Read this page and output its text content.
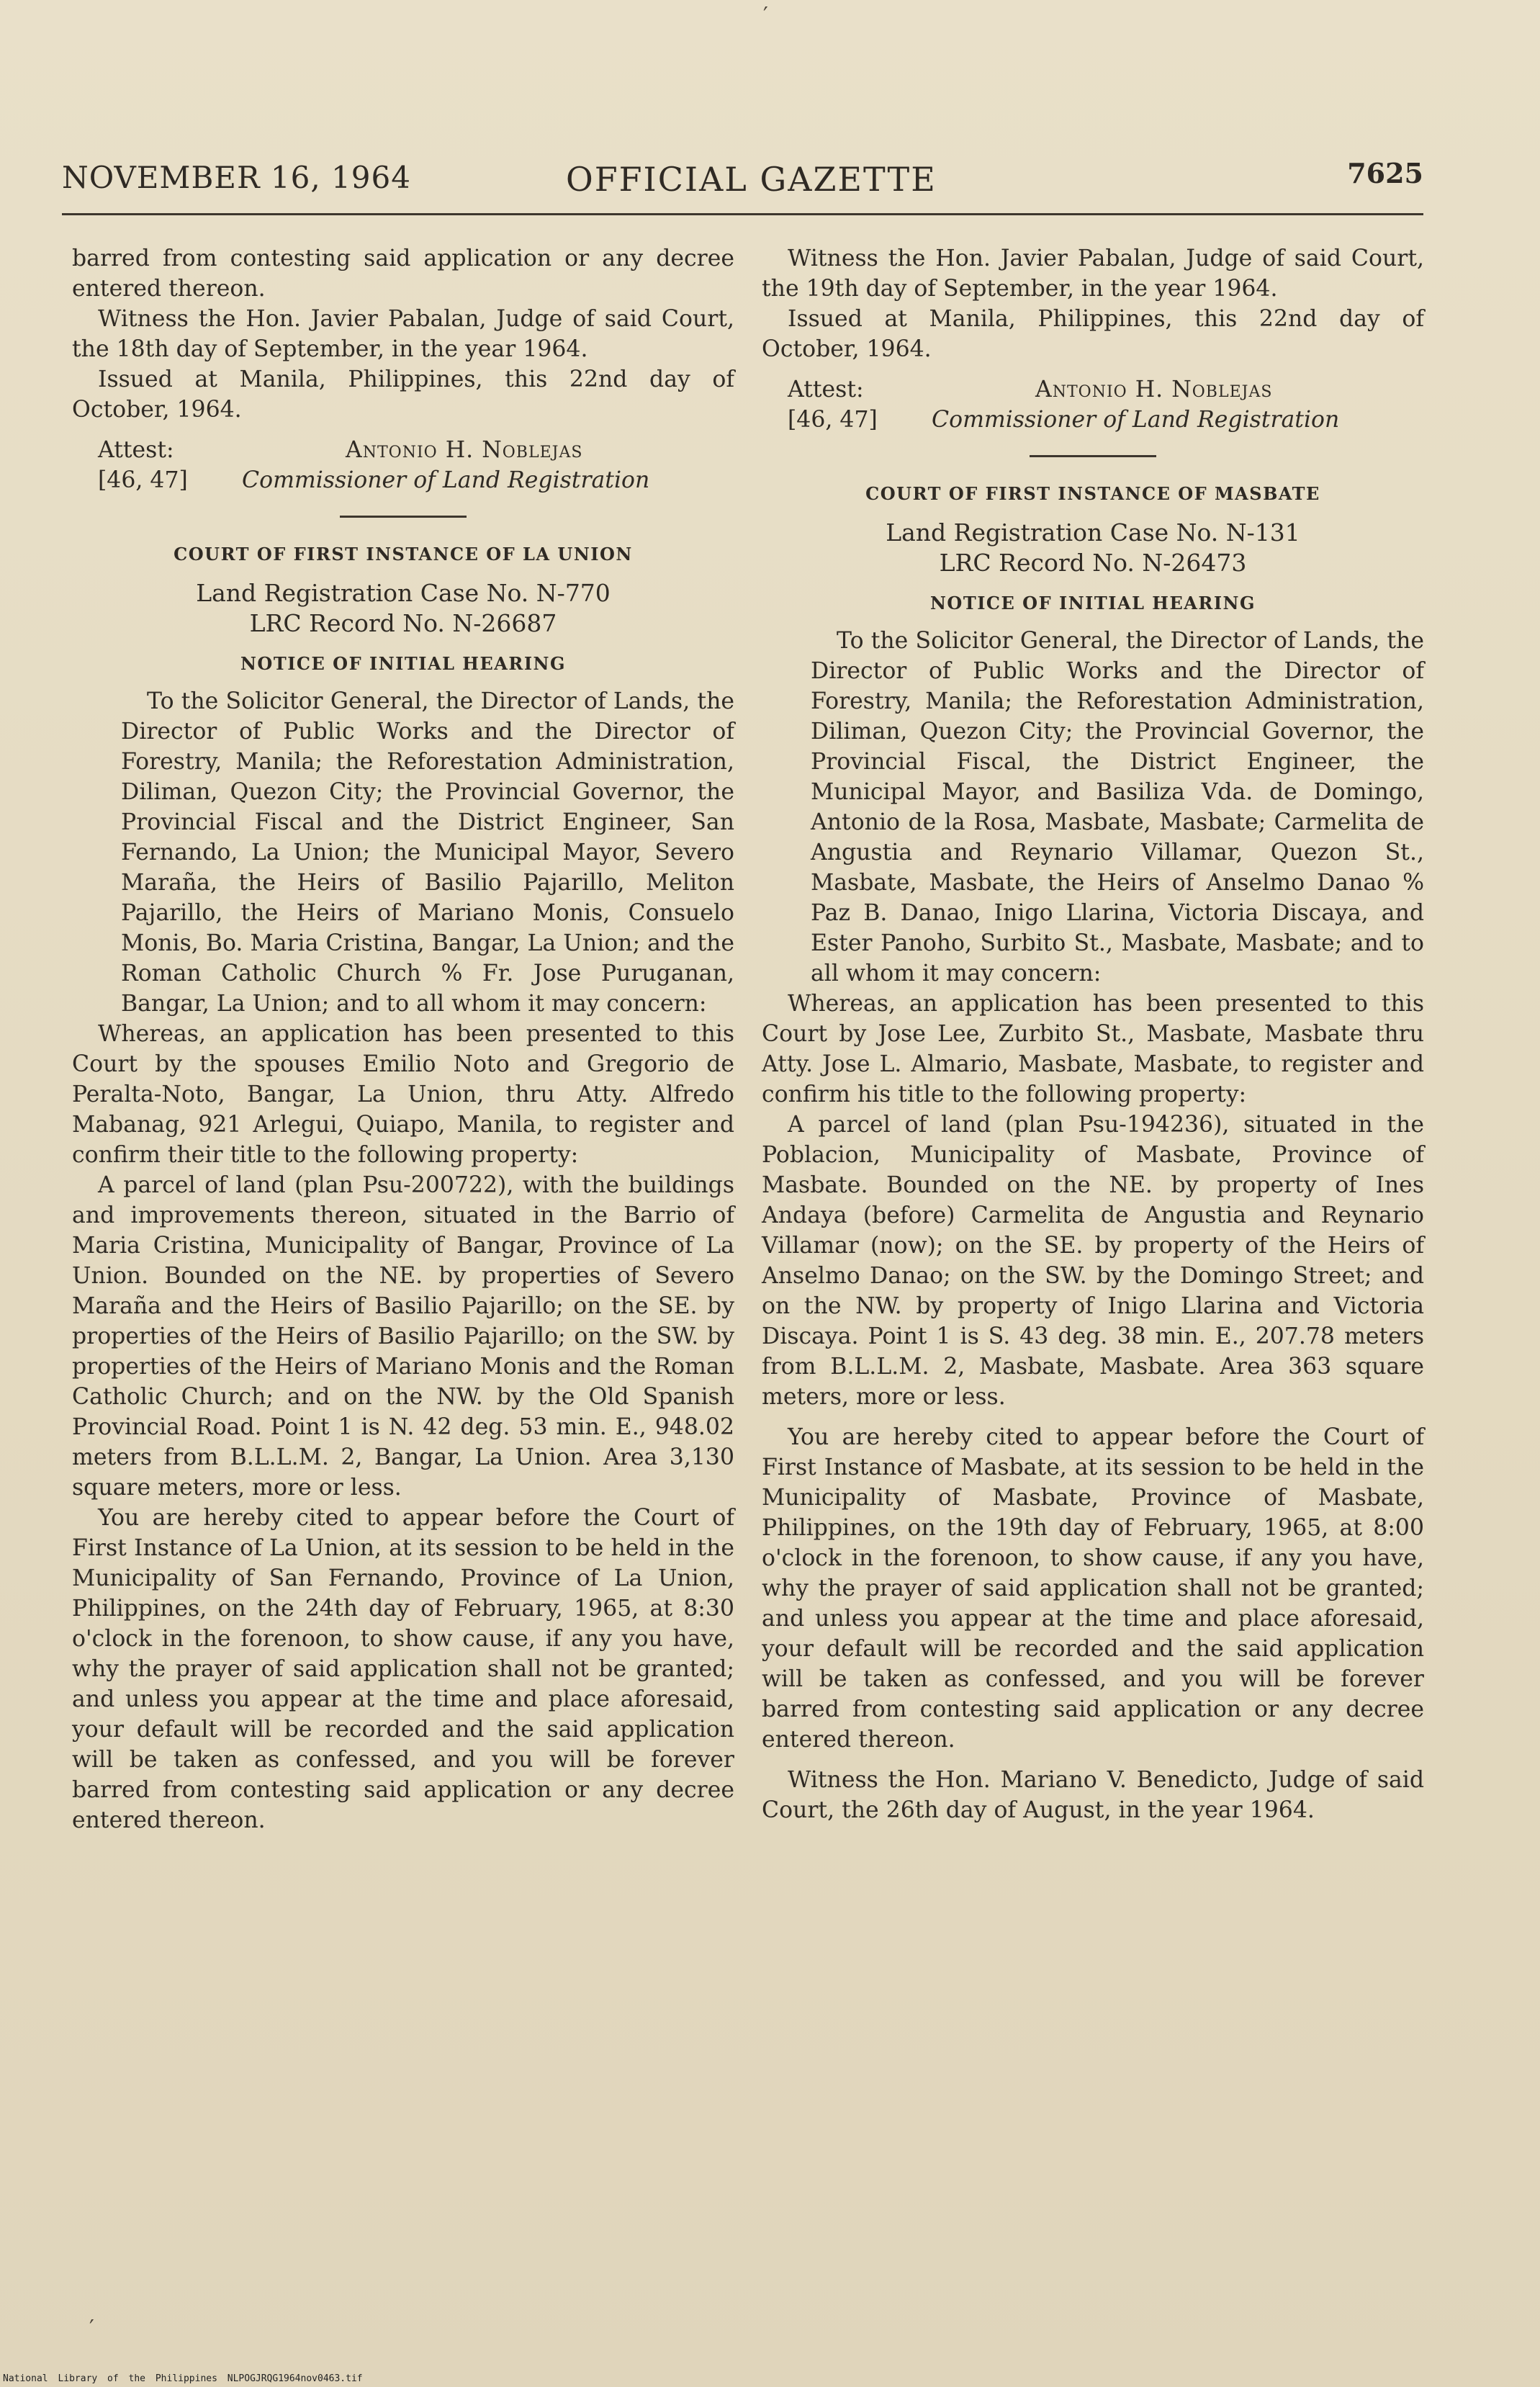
′
′
NOVEMBER 16, 1964	OFFICIAL GAZETTE	7625

barred from contesting said application or any decree entered thereon.

Witness the Hon. Javier Pabalan, Judge of said Court, the 18th day of September, in the year 1964.

Issued at Manila, Philippines, this 22nd day of October, 1964.

Attest:	Antonio H. Noblejas
[46, 47] Commissioner of Land Registration
COURT OF FIRST INSTANCE OF LA UNION
Land Registration Case No. N-770
LRC Record No. N-26687
NOTICE OF INITIAL HEARING

To the Solicitor General, the Director of Lands, the Director of Public Works and the Director of Forestry, Manila; the Reforestation Administration, Diliman, Quezon City; the Provincial Governor, the Provincial Fiscal and the District Engineer, San Fernando, La Union; the Municipal Mayor, Severo Maraña, the Heirs of Basilio Pajarillo, Meliton Pajarillo, the Heirs of Mariano Monis, Consuelo Monis, Bo. Maria Cristina, Bangar, La Union; and the Roman Catholic Church % Fr. Jose Puruganan, Bangar, La Union; and to all whom it may concern:

Whereas, an application has been presented to this Court by the spouses Emilio Noto and Gregorio de Peralta-Noto, Bangar, La Union, thru Atty. Alfredo Mabanag, 921 Arlegui, Quiapo, Manila, to register and confirm their title to the following property:

A parcel of land (plan Psu-200722), with the buildings and improvements thereon, situated in the Barrio of Maria Cristina, Municipality of Bangar, Province of La Union. Bounded on the NE. by properties of Severo Maraña and the Heirs of Basilio Pajarillo; on the SE. by properties of the Heirs of Basilio Pajarillo; on the SW. by properties of the Heirs of Mariano Monis and the Roman Catholic Church; and on the NW. by the Old Spanish Provincial Road. Point 1 is N. 42 deg. 53 min. E., 948.02 meters from B.L.L.M. 2, Bangar, La Union. Area 3,130 square meters, more or less.

You are hereby cited to appear before the Court of First Instance of La Union, at its session to be held in the Municipality of San Fernando, Province of La Union, Philippines, on the 24th day of February, 1965, at 8:30 o'clock in the forenoon, to show cause, if any you have, why the prayer of said application shall not be granted; and unless you appear at the time and place aforesaid, your default will be recorded and the said application will be taken as confessed, and you will be forever barred from contesting said application or any decree entered thereon.

Witness the Hon. Javier Pabalan, Judge of said Court, the 19th day of September, in the year 1964.

Issued at Manila, Philippines, this 22nd day of October, 1964.

Attest:	Antonio H. Noblejas
[46, 47] Commissioner of Land Registration
COURT OF FIRST INSTANCE OF MASBATE
Land Registration Case No. N-131
LRC Record No. N-26473
NOTICE OF INITIAL HEARING

To the Solicitor General, the Director of Lands, the Director of Public Works and the Director of Forestry, Manila; the Reforestation Administration, Diliman, Quezon City; the Provincial Governor, the Provincial Fiscal, the District Engineer, the Municipal Mayor, and Basiliza Vda. de Domingo, Antonio de la Rosa, Masbate, Masbate; Carmelita de Angustia and Reynario Villamar, Quezon St., Masbate, Masbate, the Heirs of Anselmo Danao % Paz B. Danao, Inigo Llarina, Victoria Discaya, and Ester Panoho, Surbito St., Masbate, Masbate; and to all whom it may concern:

Whereas, an application has been presented to this Court by Jose Lee, Zurbito St., Masbate, Masbate thru Atty. Jose L. Almario, Masbate, Masbate, to register and confirm his title to the following property:

A parcel of land (plan Psu-194236), situated in the Poblacion, Municipality of Masbate, Province of Masbate. Bounded on the NE. by property of Ines Andaya (before) Carmelita de Angustia and Reynario Villamar (now); on the SE. by property of the Heirs of Anselmo Danao; on the SW. by the Domingo Street; and on the NW. by property of Inigo Llarina and Victoria Discaya. Point 1 is S. 43 deg. 38 min. E., 207.78 meters from B.L.L.M. 2, Masbate, Masbate. Area 363 square meters, more or less.

You are hereby cited to appear before the Court of First Instance of Masbate, at its session to be held in the Municipality of Masbate, Province of Masbate, Philippines, on the 19th day of February, 1965, at 8:00 o'clock in the forenoon, to show cause, if any you have, why the prayer of said application shall not be granted; and unless you appear at the time and place aforesaid, your default will be recorded and the said application will be taken as confessed, and you will be forever barred from contesting said application or any decree entered thereon.

Witness the Hon. Mariano V. Benedicto, Judge of said Court, the 26th day of August, in the year 1964.

National Library of the Philippines NLPOGJRQG1964nov0463.tif
